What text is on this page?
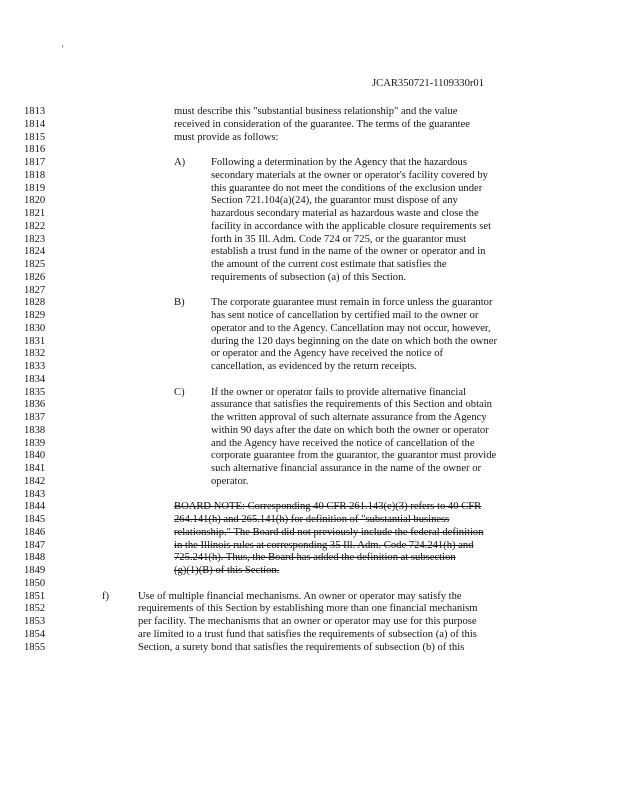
'
JCAR350721-1109330r01
1813	must describe this "substantial business relationship" and the value
1814	received in consideration of the guarantee. The terms of the guarantee
1815	must provide as follows:
1816
1817	A) Following a determination by the Agency that the hazardous
1818	secondary materials at the owner or operator's facility covered by
1819	this guarantee do not meet the conditions of the exclusion under
1820	Section 721.104(a)(24), the guarantor must dispose of any
1821	hazardous secondary material as hazardous waste and close the
1822	facility in accordance with the applicable closure requirements set
1823	forth in 35 Ill. Adm. Code 724 or 725, or the guarantor must
1824	establish a trust fund in the name of the owner or operator and in
1825	the amount of the current cost estimate that satisfies the
1826	requirements of subsection (a) of this Section.
1827
1828	B) The corporate guarantee must remain in force unless the guarantor
1829	has sent notice of cancellation by certified mail to the owner or
1830	operator and to the Agency. Cancellation may not occur, however,
1831	during the 120 days beginning on the date on which both the owner
1832	or operator and the Agency have received the notice of
1833	cancellation, as evidenced by the return receipts.
1834
1835	C) If the owner or operator fails to provide alternative financial
1836	assurance that satisfies the requirements of this Section and obtain
1837	the written approval of such alternate assurance from the Agency
1838	within 90 days after the date on which both the owner or operator
1839	and the Agency have received the notice of cancellation of the
1840	corporate guarantee from the guarantor, the guarantor must provide
1841	such alternative financial assurance in the name of the owner or
1842	operator.
1843
1844	BOARD NOTE: Corresponding 40 CFR 261.143(e)(3) refers to 40 CFR
1845	264.141(h) and 265.141(h) for definition of "substantial business
1846	relationship." The Board did not previously include the federal definition
1847	in the Illinois rules at corresponding 35 Ill. Adm. Code 724.241(h) and
1848	725.241(h). Thus, the Board has added the definition at subsection
1849	(g)(1)(B) of this Section.
1850
1851	f)	Use of multiple financial mechanisms. An owner or operator may satisfy the
1852	requirements of this Section by establishing more than one financial mechanism
1853	per facility. The mechanisms that an owner or operator may use for this purpose
1854	are limited to a trust fund that satisfies the requirements of subsection (a) of this
1855	Section, a surety bond that satisfies the requirements of subsection (b) of this
